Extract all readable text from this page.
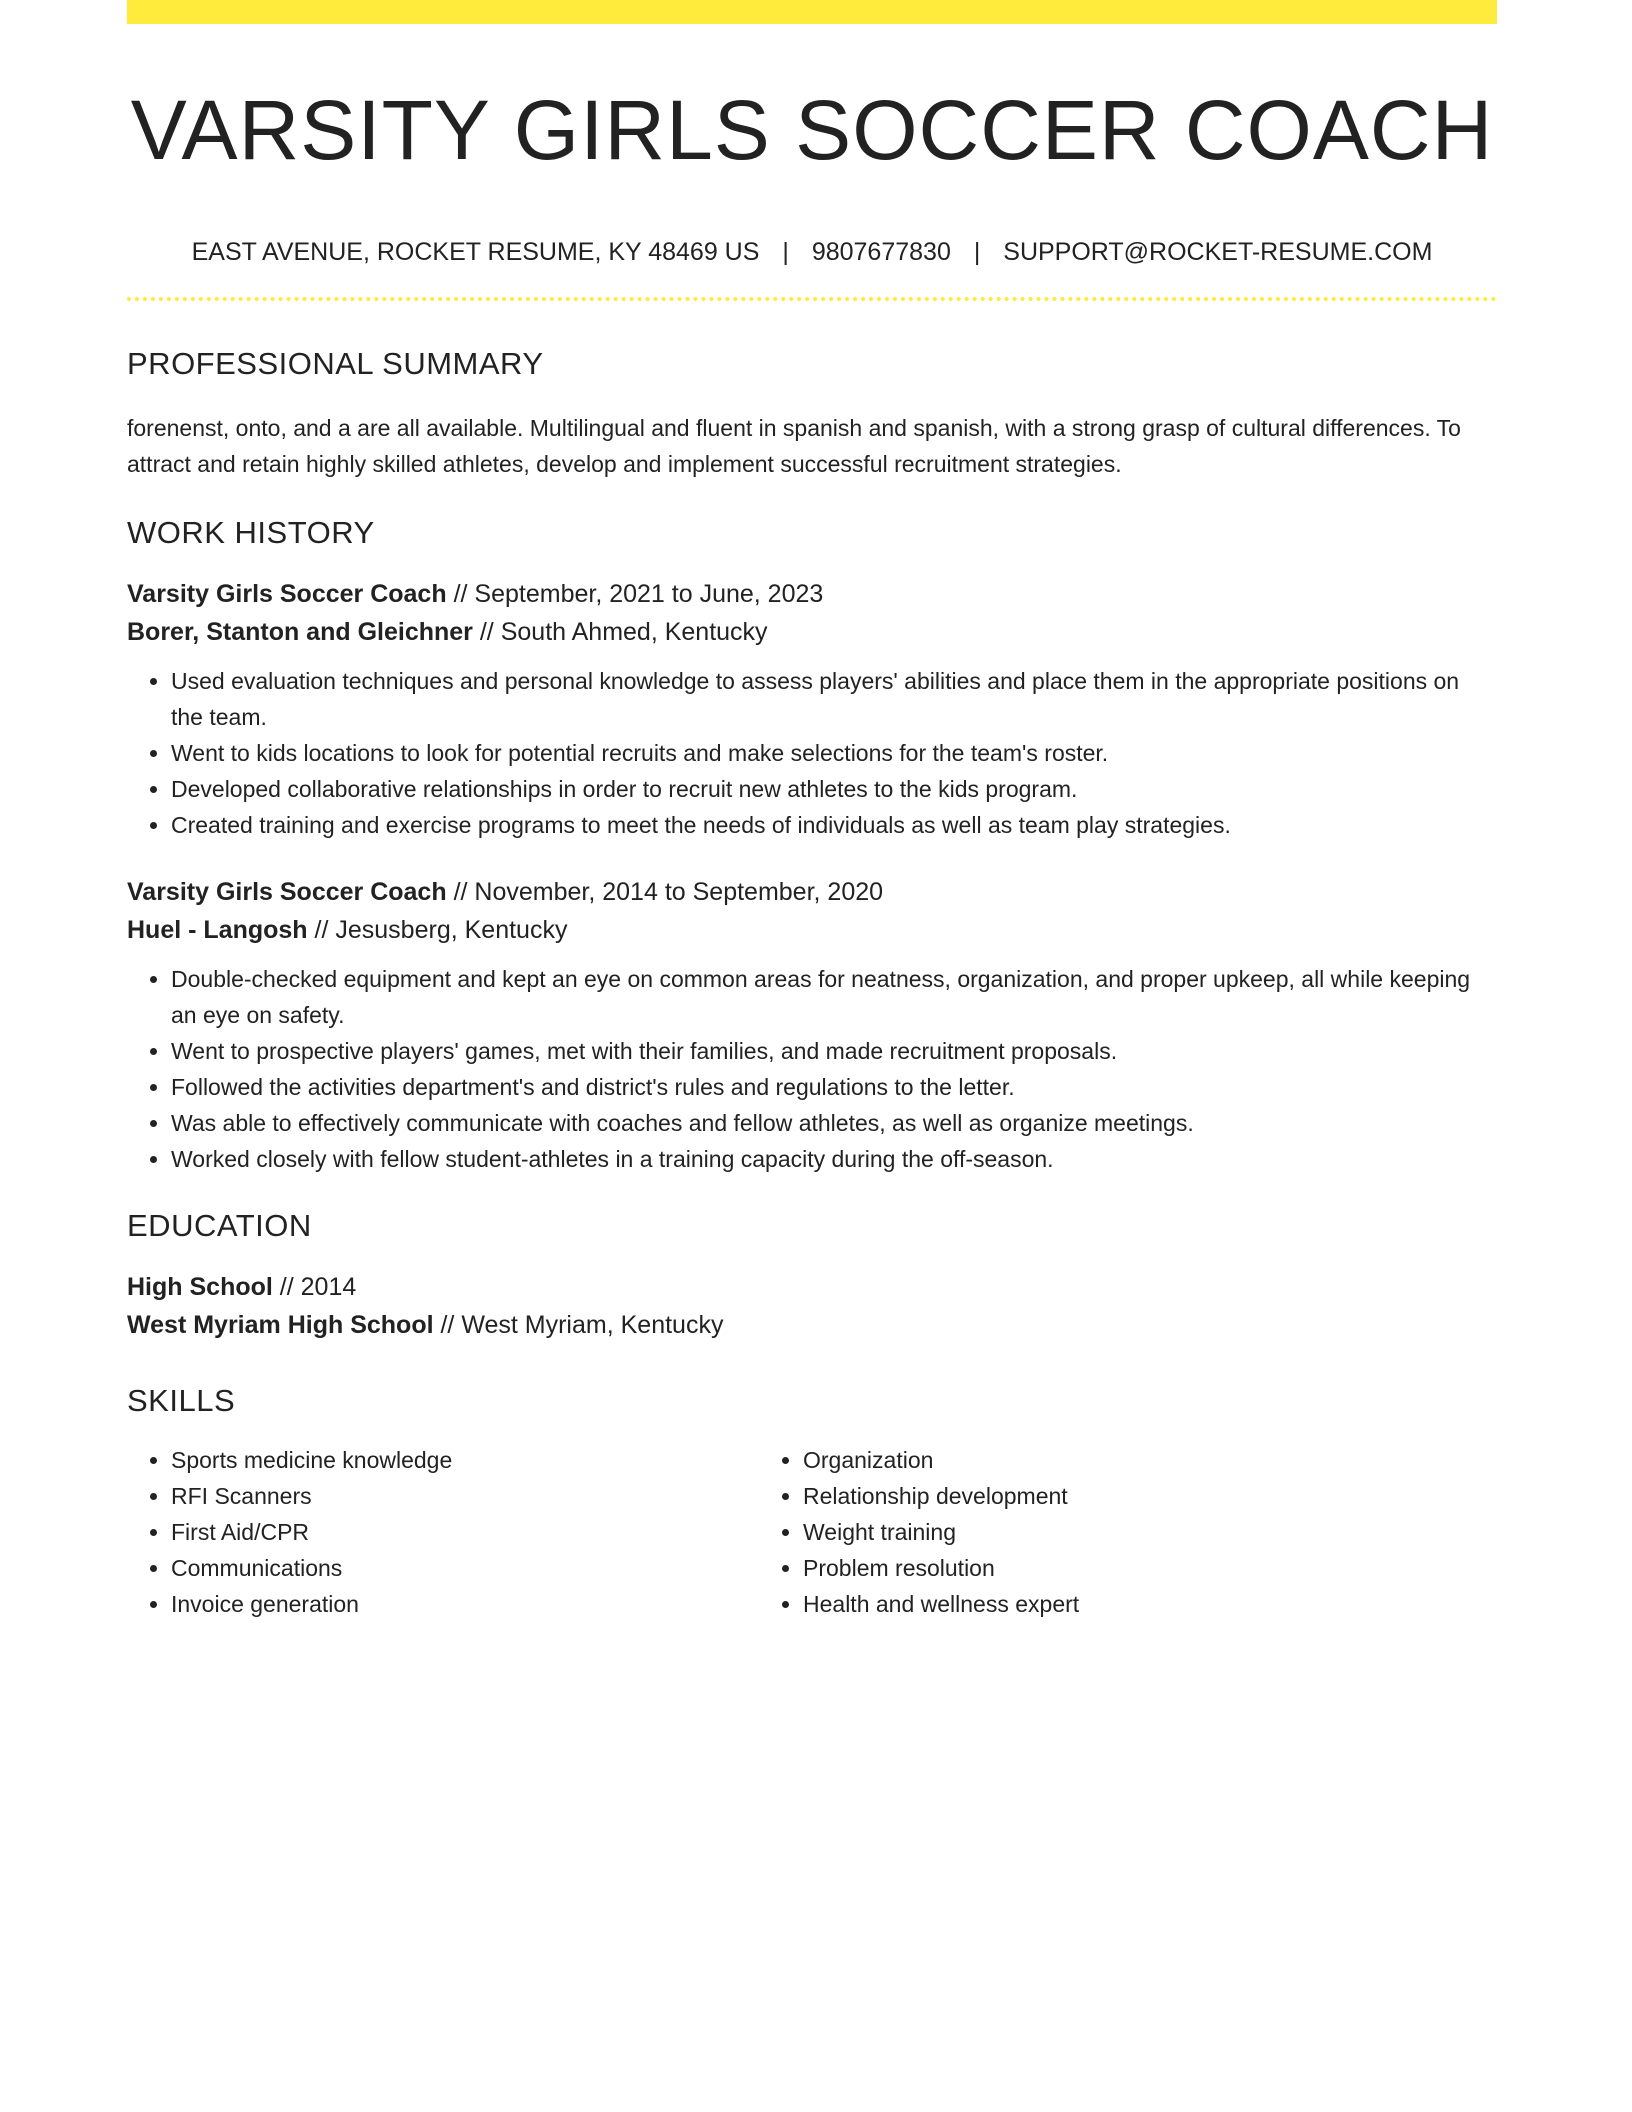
VARSITY GIRLS SOCCER COACH
EAST AVENUE, ROCKET RESUME, KY 48469 US | 9807677830 | SUPPORT@ROCKET-RESUME.COM
PROFESSIONAL SUMMARY

forenenst, onto, and a are all available. Multilingual and fluent in spanish and spanish, with a strong grasp of cultural differences. To attract and retain highly skilled athletes, develop and implement successful recruitment strategies.

WORK HISTORY
Varsity Girls Soccer Coach // September, 2021 to June, 2023
Borer, Stanton and Gleichner // South Ahmed, Kentucky
• Used evaluation techniques and personal knowledge to assess players' abilities and place them in the appropriate positions on the team.
• Went to kids locations to look for potential recruits and make selections for the team's roster.
• Developed collaborative relationships in order to recruit new athletes to the kids program.
• Created training and exercise programs to meet the needs of individuals as well as team play strategies.
Varsity Girls Soccer Coach // November, 2014 to September, 2020
Huel - Langosh // Jesusberg, Kentucky
• Double-checked equipment and kept an eye on common areas for neatness, organization, and proper upkeep, all while keeping an eye on safety.
• Went to prospective players' games, met with their families, and made recruitment proposals.
• Followed the activities department's and district's rules and regulations to the letter.
• Was able to effectively communicate with coaches and fellow athletes, as well as organize meetings.
• Worked closely with fellow student-athletes in a training capacity during the off-season.
EDUCATION
High School // 2014
West Myriam High School // West Myriam, Kentucky
SKILLS
• Sports medicine knowledge
• RFI Scanners
• First Aid/CPR
• Communications
• Invoice generation
• Organization
• Relationship development
• Weight training
• Problem resolution
• Health and wellness expert
